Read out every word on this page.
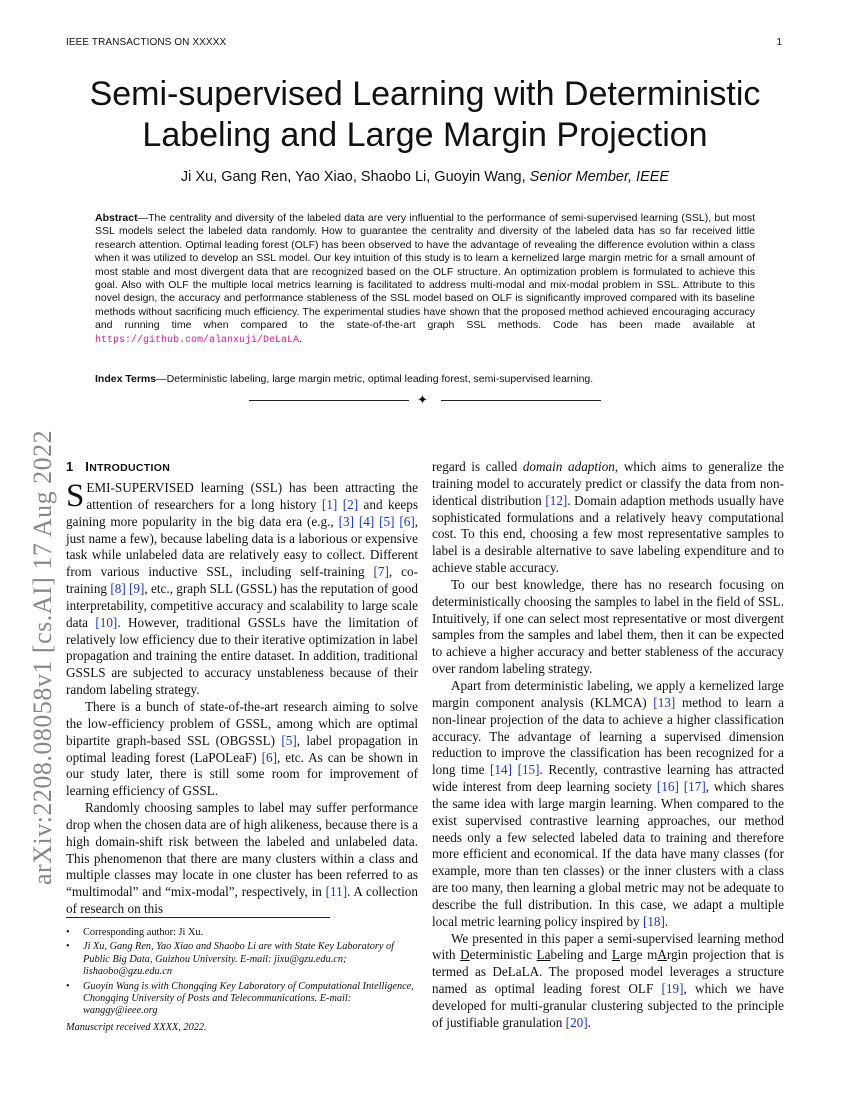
IEEE TRANSACTIONS ON XXXXX	1
arXiv:2208.08058v1 [cs.AI] 17 Aug 2022
Semi-supervised Learning with Deterministic
Labeling and Large Margin Projection
Ji Xu, Gang Ren, Yao Xiao, Shaobo Li, Guoyin Wang, Senior Member, IEEE
Abstract—The centrality and diversity of the labeled data are very influential to the performance of semi-supervised learning (SSL), but most SSL models select the labeled data randomly. How to guarantee the centrality and diversity of the labeled data has so far received little research attention. Optimal leading forest (OLF) has been observed to have the advantage of revealing the difference evolution within a class when it was utilized to develop an SSL model. Our key intuition of this study is to learn a kernelized large margin metric for a small amount of most stable and most divergent data that are recognized based on the OLF structure. An optimization problem is formulated to achieve this goal. Also with OLF the multiple local metrics learning is facilitated to address multi-modal and mix-modal problem in SSL. Attribute to this novel design, the accuracy and performance stableness of the SSL model based on OLF is significantly improved compared with its baseline methods without sacrificing much efficiency. The experimental studies have shown that the proposed method achieved encouraging accuracy and running time when compared to the state-of-the-art graph SSL methods. Code has been made available at https://github.com/alanxuji/DeLaLA.
Index Terms—Deterministic labeling, large margin metric, optimal leading forest, semi-supervised learning.
✦
1 INTRODUCTION

SEMI-SUPERVISED learning (SSL) has been attracting the attention of researchers for a long history [1] [2] and keeps gaining more popularity in the big data era (e.g., [3] [4] [5] [6], just name a few), because labeling data is a laborious or expensive task while unlabeled data are relatively easy to collect. Different from various inductive SSL, including self-training [7], co-training [8] [9], etc., graph SLL (GSSL) has the reputation of good interpretability, competitive accuracy and scalability to large scale data [10]. However, traditional GSSLs have the limitation of relatively low efficiency due to their iterative optimization in label propagation and training the entire dataset. In addition, traditional GSSLS are subjected to accuracy unstableness because of their random labeling strategy.

There is a bunch of state-of-the-art research aiming to solve the low-efficiency problem of GSSL, among which are optimal bipartite graph-based SSL (OBGSSL) [5], label propagation in optimal leading forest (LaPOLeaF) [6], etc. As can be shown in our study later, there is still some room for improvement of learning efficiency of GSSL.

Randomly choosing samples to label may suffer performance drop when the chosen data are of high alikeness, because there is a high domain-shift risk between the labeled and unlabeled data. This phenomenon that there are many clusters within a class and multiple classes may locate in one cluster has been referred to as “multimodal” and “mix-modal”, respectively, in [11]. A collection of research on this

• Corresponding author: Ji Xu.
• Ji Xu, Gang Ren, Yao Xiao and Shaobo Li are with State Key Laboratory of Public Big Data, Guizhou University. E-mail: jixu@gzu.edu.cn; lishaobo@gzu.edu.cn
• Guoyin Wang is with Chongqing Key Laboratory of Computational Intelligence, Chongqing University of Posts and Telecommunications. E-mail: wanggy@ieee.org
Manuscript received XXXX, 2022.

regard is called domain adaption, which aims to generalize the training model to accurately predict or classify the data from non-identical distribution [12]. Domain adaption methods usually have sophisticated formulations and a relatively heavy computational cost. To this end, choosing a few most representative samples to label is a desirable alternative to save labeling expenditure and to achieve stable accuracy.

To our best knowledge, there has no research focusing on deterministically choosing the samples to label in the field of SSL. Intuitively, if one can select most representative or most divergent samples from the samples and label them, then it can be expected to achieve a higher accuracy and better stableness of the accuracy over random labeling strategy.

Apart from deterministic labeling, we apply a kernelized large margin component analysis (KLMCA) [13] method to learn a non-linear projection of the data to achieve a higher classification accuracy. The advantage of learning a supervised dimension reduction to improve the classification has been recognized for a long time [14] [15]. Recently, contrastive learning has attracted wide interest from deep learning society [16] [17], which shares the same idea with large margin learning. When compared to the exist supervised contrastive learning approaches, our method needs only a few selected labeled data to training and therefore more efficient and economical. If the data have many classes (for example, more than ten classes) or the inner clusters with a class are too many, then learning a global metric may not be adequate to describe the full distribution. In this case, we adapt a multiple local metric learning policy inspired by [18].

We presented in this paper a semi-supervised learning method with Deterministic Labeling and Large mArgin projection that is termed as DeLaLA. The proposed model leverages a structure named as optimal leading forest OLF [19], which we have developed for multi-granular clustering subjected to the principle of justifiable granulation [20].
